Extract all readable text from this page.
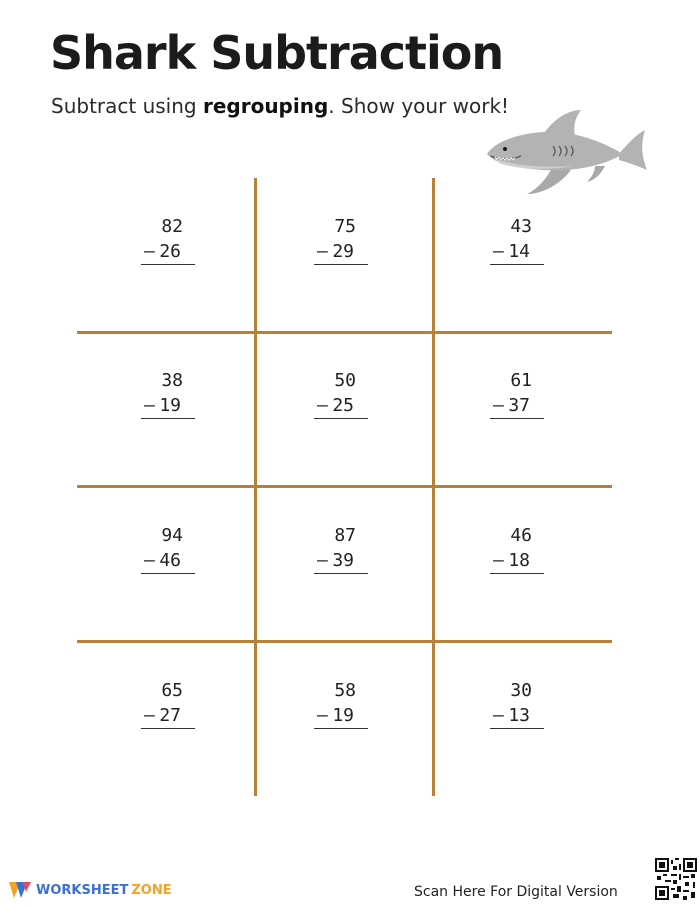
Shark Subtraction
Subtract using regrouping. Show your work!
82
– 26
75
– 29
43
– 14
38
– 19
50
– 25
61
– 37
94
– 46
87
– 39
46
– 18
65
– 27
58
– 19
30
– 13
WORKSHEET ZONE	Scan Here For Digital Version
